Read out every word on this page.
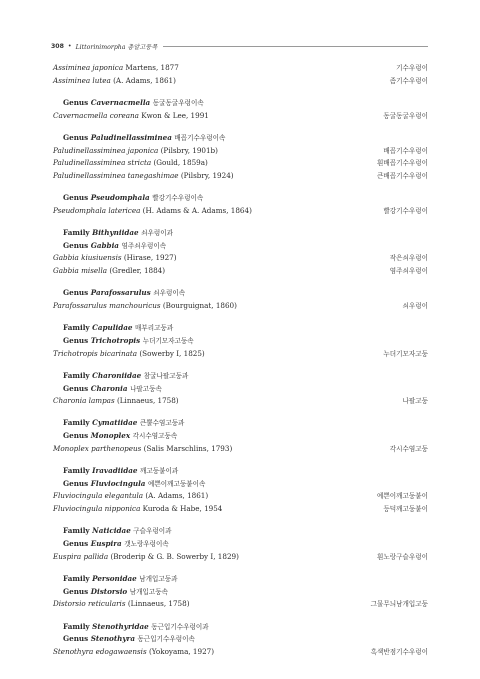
308 • Littorinimorpha 총알고둥목
Assiminea japonica Martens, 1877	기수우렁이
Assiminea lutea (A. Adams, 1861)	좀기수우렁이
Genus Cavernacmella 동굴동굴우렁이속
Cavernacmella coreana Kwon & Lee, 1991	동굴동굴우렁이
Genus Paludinellassiminea 배꼽기수우렁이속
Paludinellassiminea japonica (Pilsbry, 1901b)	배꼽기수우렁이
Paludinellassiminea stricta (Gould, 1859a)	흰배꼽기수우렁이
Paludinellassiminea tanegashimae (Pilsbry, 1924)	큰배꼽기수우렁이
Genus Pseudomphala 빨강기수우렁이속
Pseudomphala latericea (H. Adams & A. Adams, 1864)	빨강기수우렁이
Family Bithyniidae 쇠우렁이과
Genus Gabbia 염주쇠우렁이속
Gabbia kiusiuensis (Hirase, 1927)	작은쇠우렁이
Gabbia misella (Gredler, 1884)	염주쇠우렁이
Genus Parafossarulus 쇠우렁이속
Parafossarulus manchouricus (Bourguignat, 1860)	쇠우렁이
Family Capulidae 매부리고둥과
Genus Trichotropis 누더기모자고둥속
Trichotropis bicarinata (Sowerby I, 1825)	누더기모자고둥
Family Charoniidae 참굴나팔고둥과
Genus Charonia 나팔고둥속
Charonia lampas (Linnaeus, 1758)	나팔고둥
Family Cymatiidae 큰뿔수염고둥과
Genus Monoplex 각시수염고둥속
Monoplex parthenopeus (Salis Marschlins, 1793)	각시수염고둥
Family Iravadiidae 깨고둥붙이과
Genus Fluviocingula 예쁜이깨고둥붙이속
Fluviocingula elegantula (A. Adams, 1861)	예쁜이깨고둥붙이
Fluviocingula nipponica Kuroda & Habe, 1954	등덕깨고둥붙이
Family Naticidae 구슬우렁이과
Genus Euspira 갯노랑우렁이속
Euspira pallida (Broderip & G. B. Sowerby I, 1829)	흰노랑구슬우렁이
Family Personidae 남개입고둥과
Genus Distorsio 남개입고둥속
Distorsio reticularis (Linnaeus, 1758)	그물무늬남개입고둥
Family Stenothyridae 동근입기수우렁이과
Genus Stenothyra 동근입기수우렁이속
Stenothyra edogawaensis (Yokoyama, 1927)	흑색반점기수우렁이
